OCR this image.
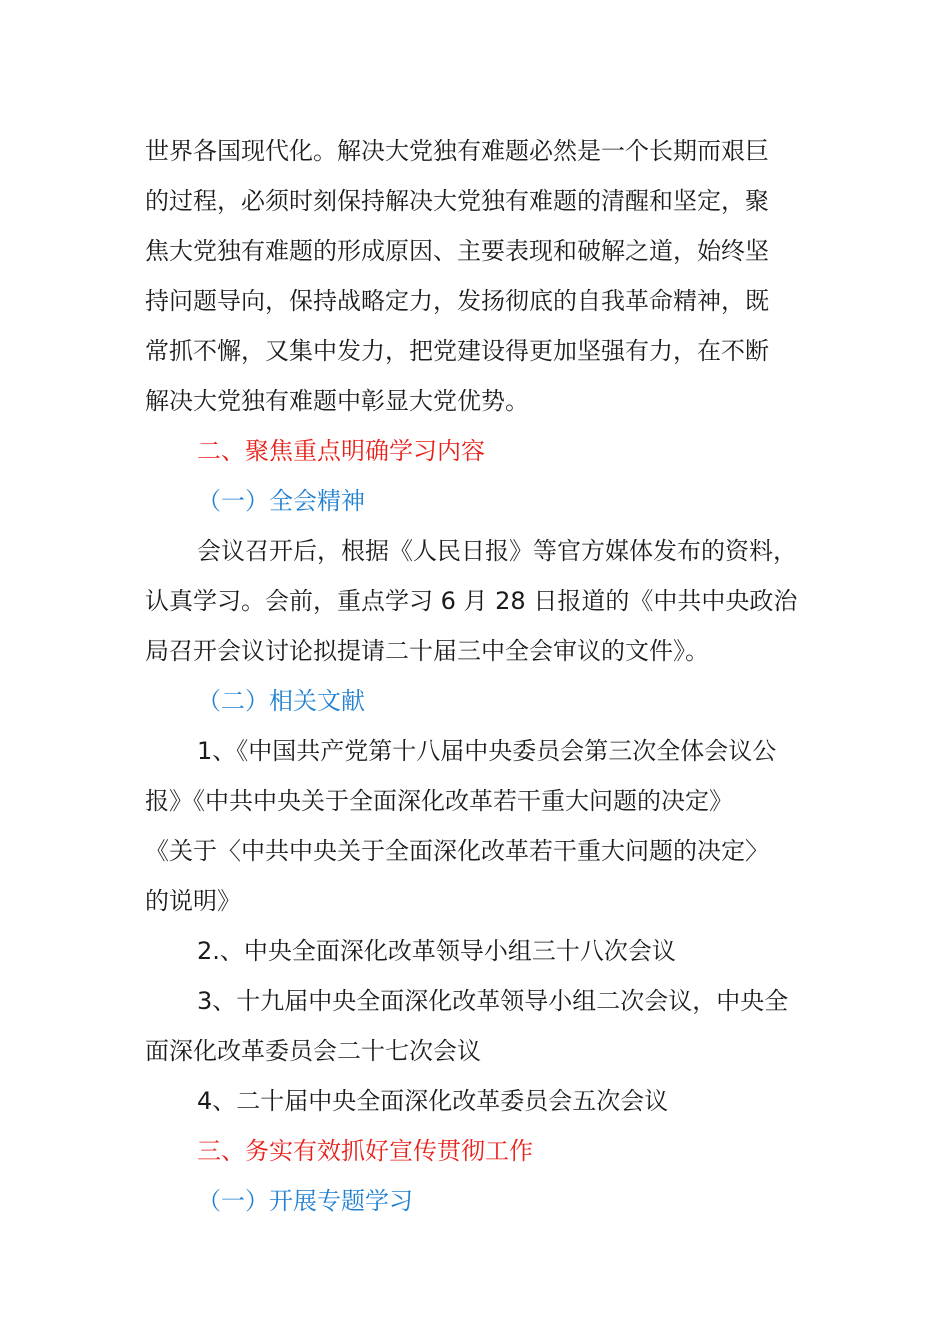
世界各国现代化。解决大党独有难题必然是一个长期而艰巨
的过程，必须时刻保持解决大党独有难题的清醒和坚定，聚
焦大党独有难题的形成原因、主要表现和破解之道，始终坚
持问题导向，保持战略定力，发扬彻底的自我革命精神，既
常抓不懈，又集中发力，把党建设得更加坚强有力，在不断
解决大党独有难题中彰显大党优势。
二、聚焦重点明确学习内容
（一）全会精神
会议召开后，根据《人民日报》等官方媒体发布的资料，
认真学习。会前，重点学习 6 月 28 日报道的《中共中央政治
局召开会议讨论拟提请二十届三中全会审议的文件》。
（二）相关文献
1、《中国共产党第十八届中央委员会第三次全体会议公
报》《中共中央关于全面深化改革若干重大问题的决定》
《关于〈中共中央关于全面深化改革若干重大问题的决定〉
的说明》
2.、中央全面深化改革领导小组三十八次会议
3、十九届中央全面深化改革领导小组二次会议，中央全
面深化改革委员会二十七次会议
4、二十届中央全面深化改革委员会五次会议
三、务实有效抓好宣传贯彻工作
（一）开展专题学习
